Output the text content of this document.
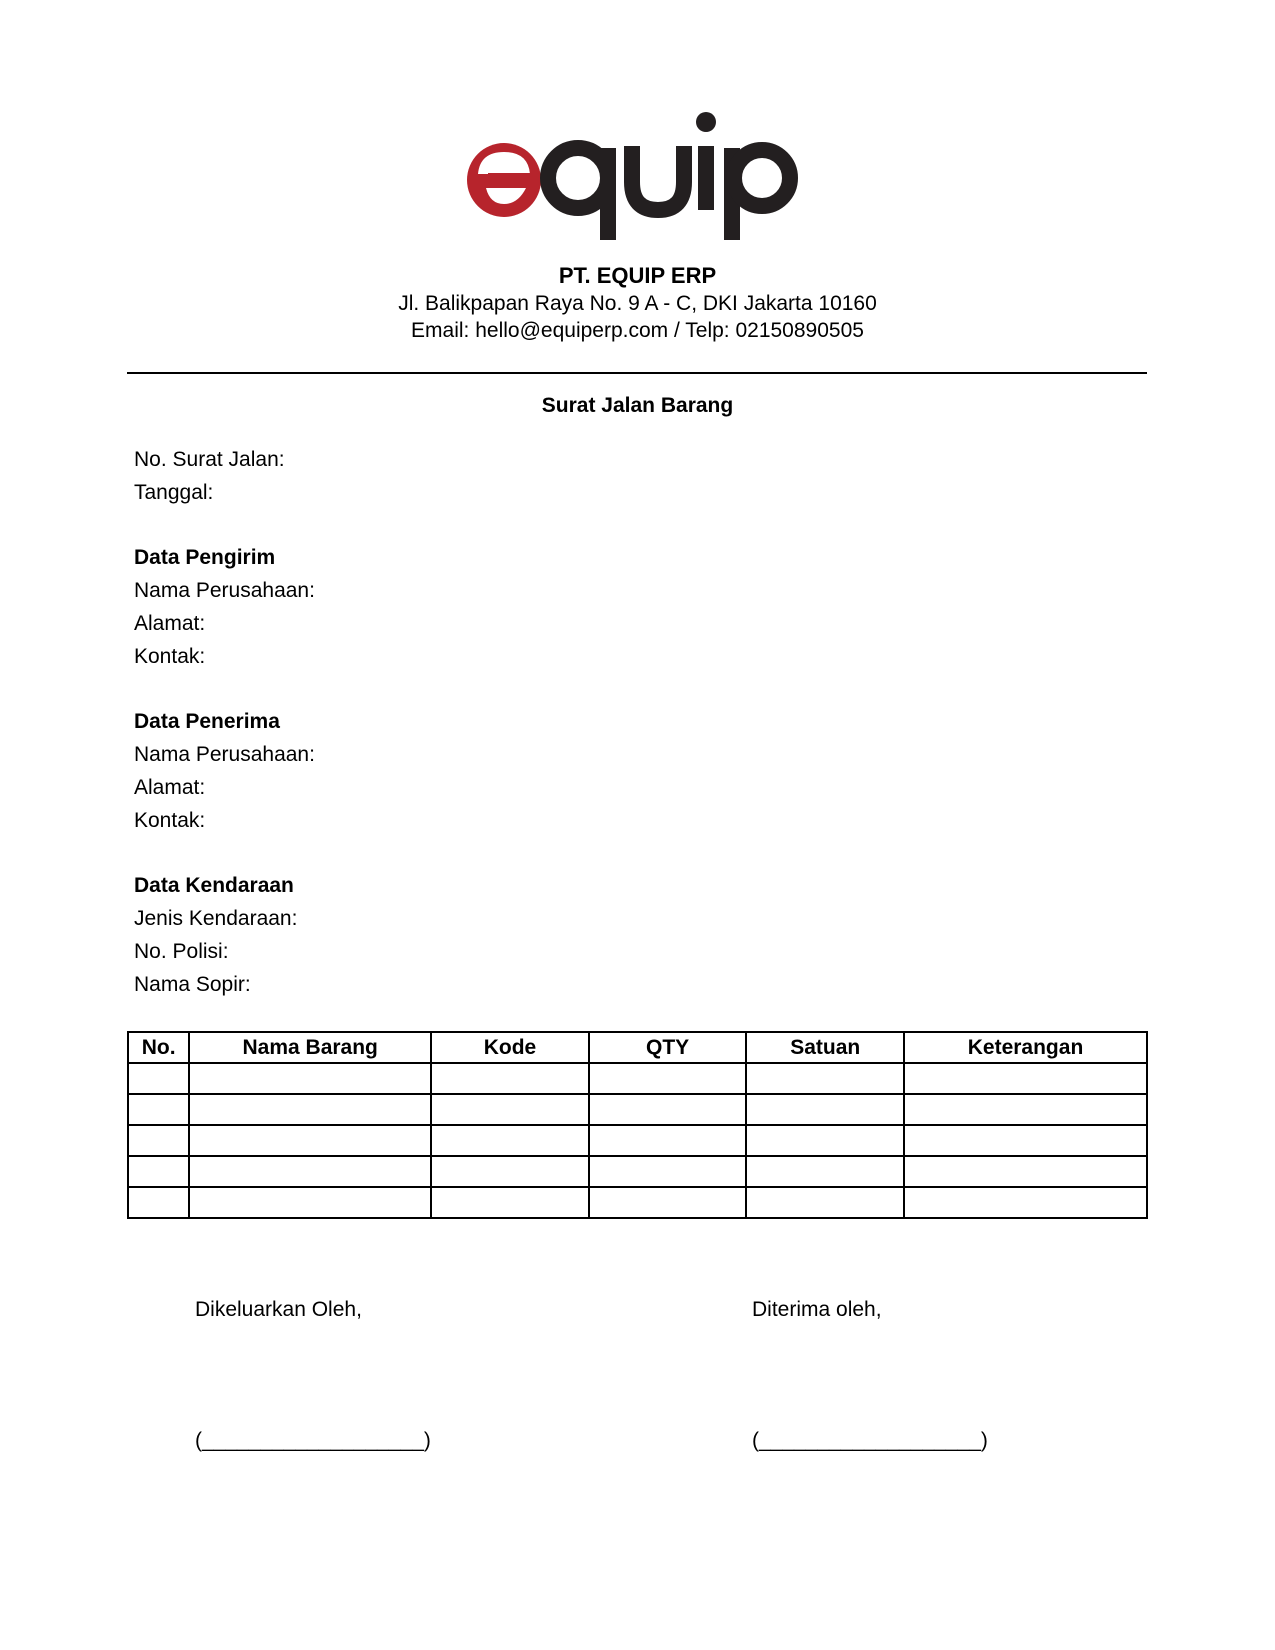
PT. EQUIP ERP
Jl. Balikpapan Raya No. 9 A - C, DKI Jakarta 10160
Email: hello@equiperp.com / Telp: 02150890505
Surat Jalan Barang
No. Surat Jalan:
Tanggal:
Data Pengirim
Nama Perusahaan:
Alamat:
Kontak:
Data Penerima
Nama Perusahaan:
Alamat:
Kontak:
Data Kendaraan
Jenis Kendaraan:
No. Polisi:
Nama Sopir:
No.	Nama Barang	Kode	QTY	Satuan	Keterangan

Dikeluarkan Oleh,	Diterima oleh,
(___________________)	(___________________)
